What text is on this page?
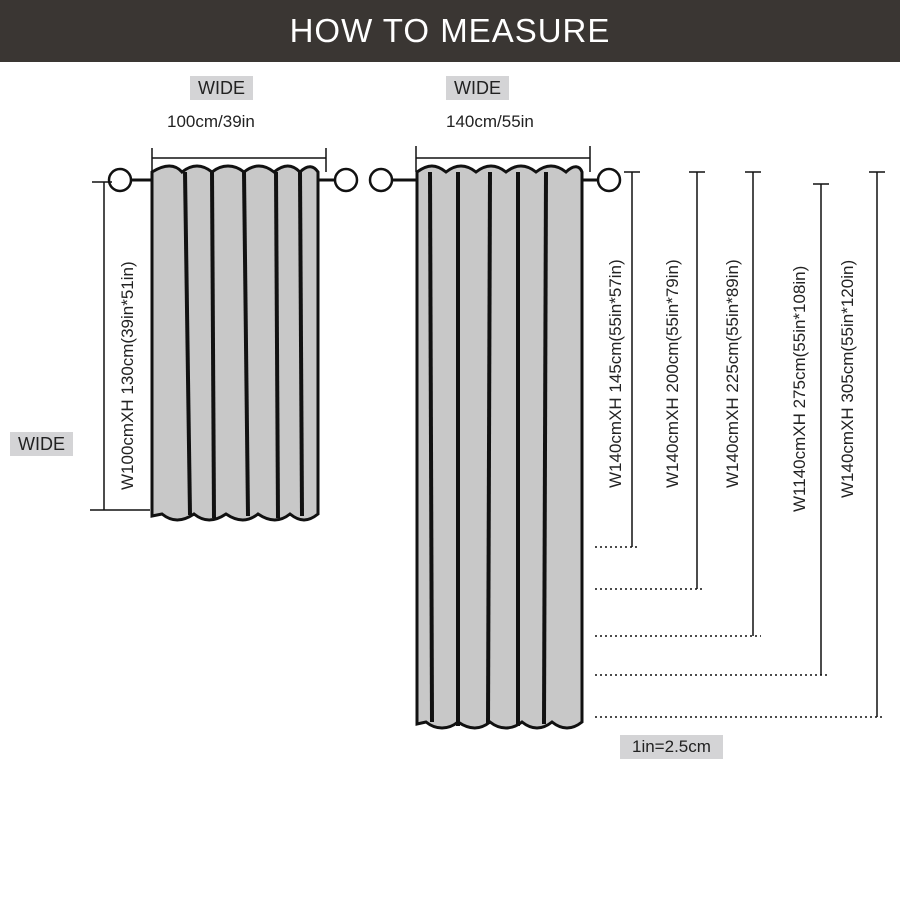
HOW TO MEASURE
WIDE
100cm/39in
WIDE	W100cmXH 130cm(39in*51in)
WIDE
140cm/55in
W140cmXH 145cm(55in*57in) W140cmXH 200cm(55in*79in) W140cmXH 225cm(55in*89in)	W1140cmXH 275cm(55in*108in) W140cmXH 305cm(55in*120in)
1in=2.5cm
